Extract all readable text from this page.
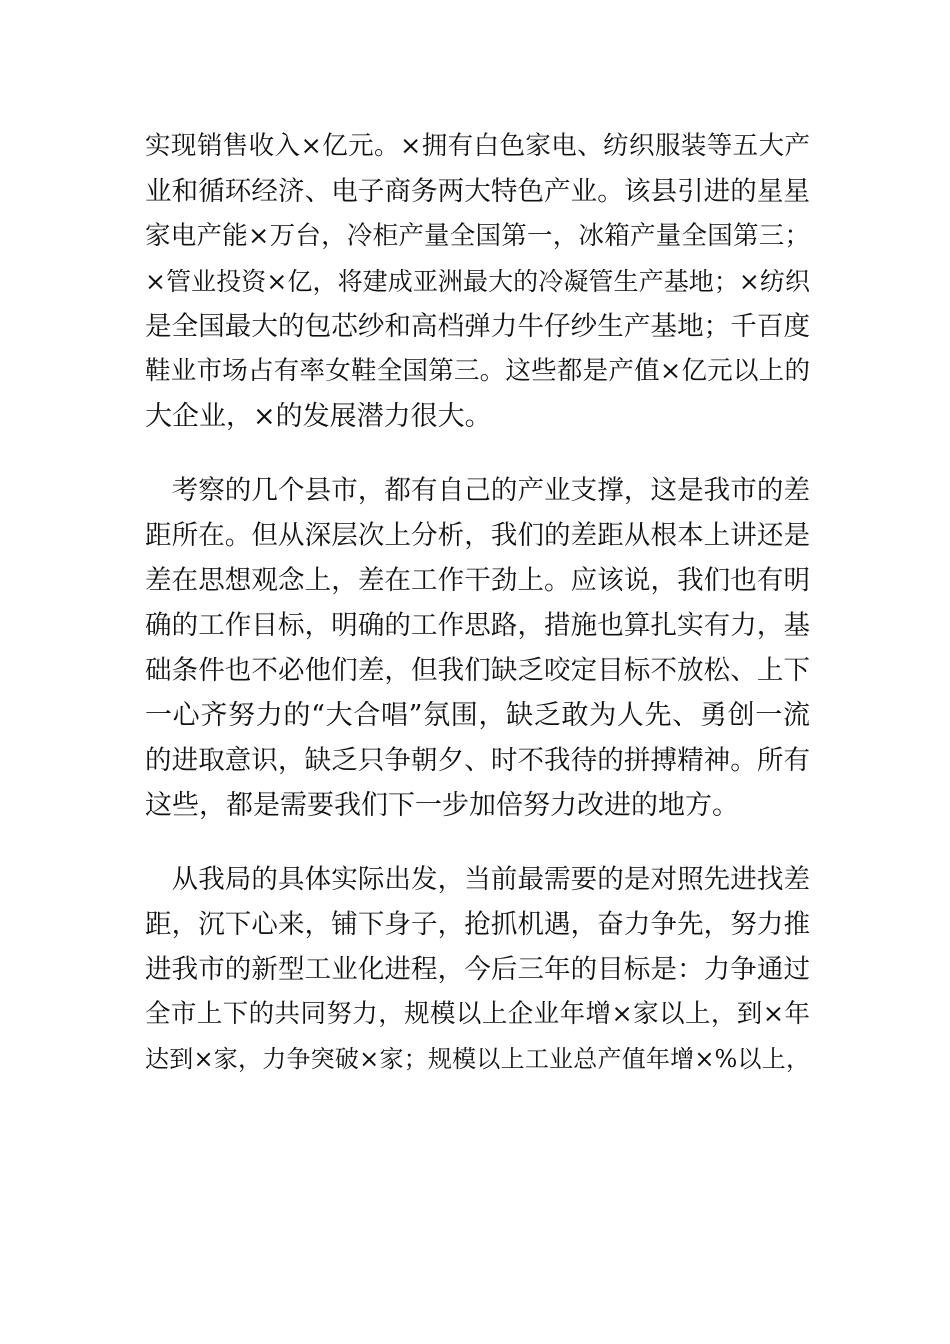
实现销售收入×亿元。×拥有白色家电、纺织服装等五大产
业和循环经济、电子商务两大特色产业。该县引进的星星
家电产能×万台，冷柜产量全国第一，冰箱产量全国第三；
×管业投资×亿，将建成亚洲最大的冷凝管生产基地；×纺织
是全国最大的包芯纱和高档弹力牛仔纱生产基地；千百度
鞋业市场占有率女鞋全国第三。这些都是产值×亿元以上的
大企业，×的发展潜力很大。
　考察的几个县市，都有自己的产业支撑，这是我市的差
距所在。但从深层次上分析，我们的差距从根本上讲还是
差在思想观念上，差在工作干劲上。应该说，我们也有明
确的工作目标，明确的工作思路，措施也算扎实有力，基
础条件也不必他们差，但我们缺乏咬定目标不放松、上下
一心齐努力的“大合唱”氛围，缺乏敢为人先、勇创一流
的进取意识，缺乏只争朝夕、时不我待的拼搏精神。所有
这些，都是需要我们下一步加倍努力改进的地方。
　从我局的具体实际出发，当前最需要的是对照先进找差
距，沉下心来，铺下身子，抢抓机遇，奋力争先，努力推
进我市的新型工业化进程，今后三年的目标是：力争通过
全市上下的共同努力，规模以上企业年增×家以上，到×年
达到×家，力争突破×家；规模以上工业总产值年增×%以上，
